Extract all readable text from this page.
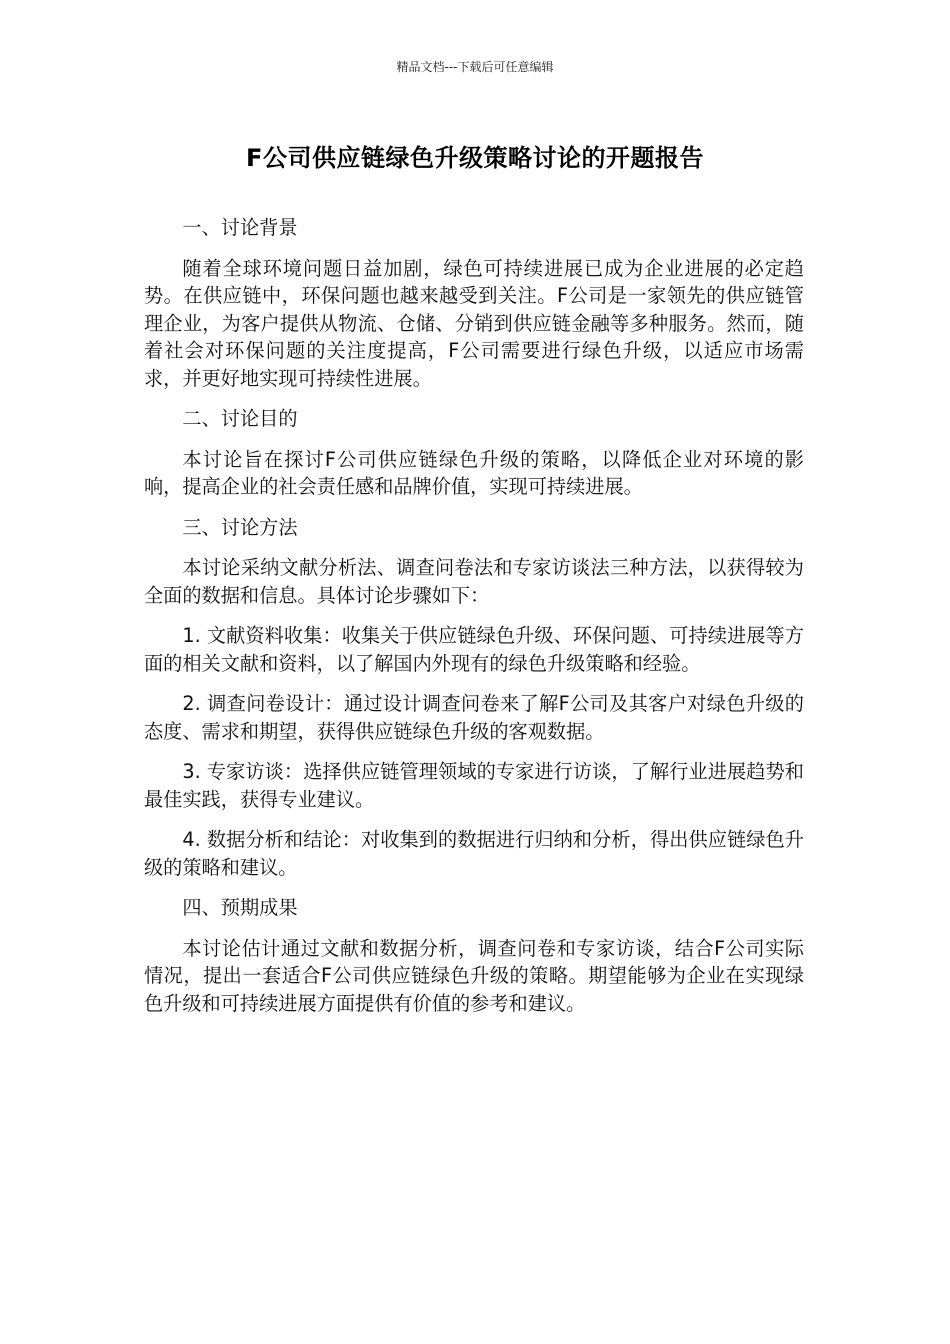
精品文档---下载后可任意编辑
F公司供应链绿色升级策略讨论的开题报告

一、讨论背景

随着全球环境问题日益加剧，绿色可持续进展已成为企业进展的必定趋势。在供应链中，环保问题也越来越受到关注。F公司是一家领先的供应链管理企业，为客户提供从物流、仓储、分销到供应链金融等多种服务。然而，随着社会对环保问题的关注度提高，F公司需要进行绿色升级，以适应市场需求，并更好地实现可持续性进展。

二、讨论目的

本讨论旨在探讨F公司供应链绿色升级的策略，以降低企业对环境的影响，提高企业的社会责任感和品牌价值，实现可持续进展。

三、讨论方法

本讨论采纳文献分析法、调查问卷法和专家访谈法三种方法，以获得较为全面的数据和信息。具体讨论步骤如下：

1. 文献资料收集：收集关于供应链绿色升级、环保问题、可持续进展等方面的相关文献和资料，以了解国内外现有的绿色升级策略和经验。

2. 调查问卷设计：通过设计调查问卷来了解F公司及其客户对绿色升级的态度、需求和期望，获得供应链绿色升级的客观数据。

3. 专家访谈：选择供应链管理领域的专家进行访谈，了解行业进展趋势和最佳实践，获得专业建议。

4. 数据分析和结论：对收集到的数据进行归纳和分析，得出供应链绿色升级的策略和建议。

四、预期成果

本讨论估计通过文献和数据分析，调查问卷和专家访谈，结合F公司实际情况，提出一套适合F公司供应链绿色升级的策略。期望能够为企业在实现绿色升级和可持续进展方面提供有价值的参考和建议。
